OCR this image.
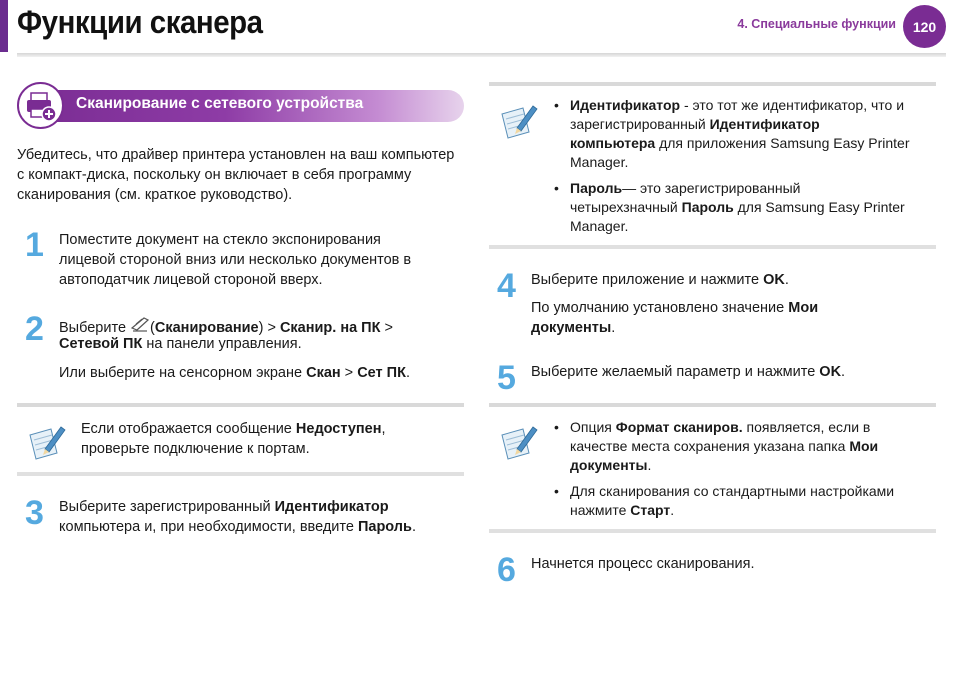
Функции сканера	4. Специальные функции 120
Сканирование с сетевого устройства
Убедитесь, что драйвер принтера установлен на ваш компьютер с компакт-диска, поскольку он включает в себя программу сканирования (см. краткое руководство).
1 Поместите документ на стекло экспонирования
лицевой стороной вниз или несколько документов в
автоподатчик лицевой стороной вверх.
2 Выберите (Сканирование) > Сканир. на ПК >
Сетевой ПК на панели управления.
Или выберите на сенсорном экране Скан > Сет ПК.
Если отображается сообщение Недоступен,
проверьте подключение к портам.
3 Выберите зарегистрированный Идентификатор
компьютера и, при необходимости, введите Пароль.
• Идентификатор - это тот же идентификатор, что и
зарегистрированный Идентификатор
компьютера для приложения Samsung Easy Printer
Manager.
• Пароль— это зарегистрированный
четырехзначный Пароль для Samsung Easy Printer
Manager.
4 Выберите приложение и нажмите OK.
По умолчанию установлено значение Мои
документы.
5 Выберите желаемый параметр и нажмите OK.
• Опция Формат сканиров. появляется, если в
качестве места сохранения указана папка Мои
документы.
• Для сканирования со стандартными настройками
нажмите Старт.
6 Начнется процесс сканирования.
